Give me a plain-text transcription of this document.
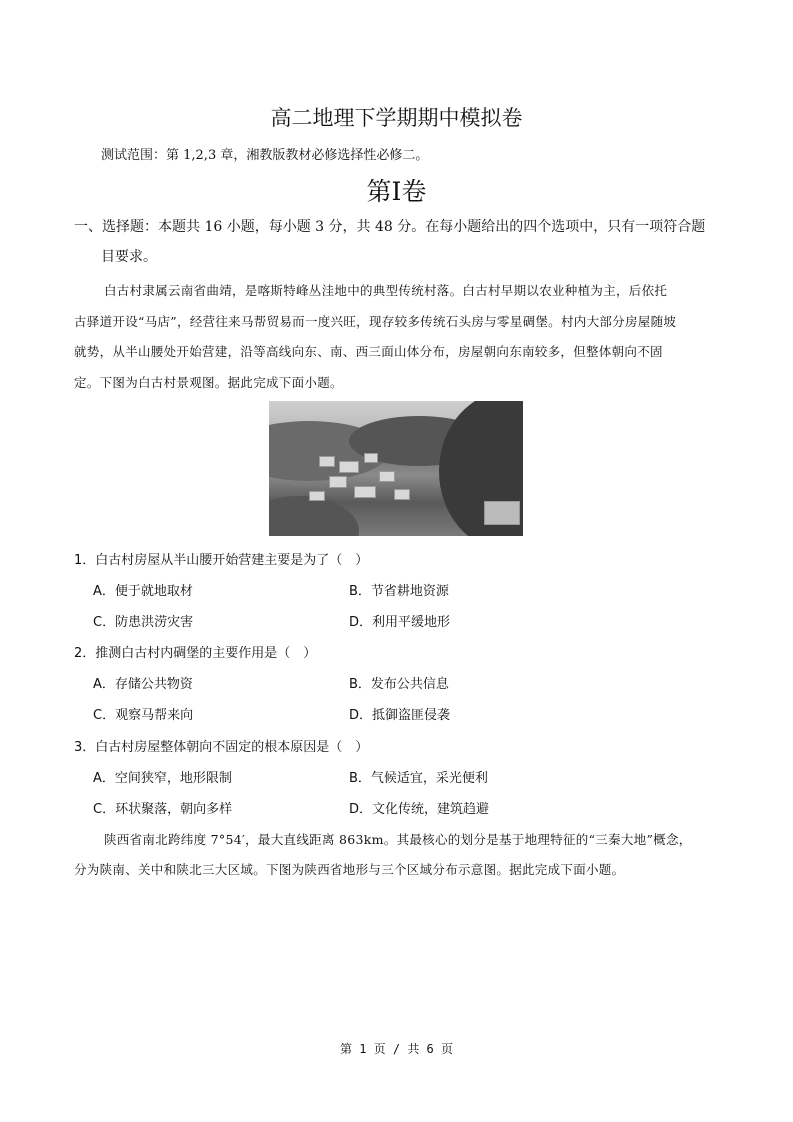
高二地理下学期期中模拟卷
测试范围：第 1,2,3 章，湘教版教材必修选择性必修二。
第I卷
一、选择题：本题共 16 小题，每小题 3 分，共 48 分。在每小题给出的四个选项中，只有一项符合题
目要求。
白古村隶属云南省曲靖，是喀斯特峰丛洼地中的典型传统村落。白古村早期以农业种植为主，后依托
古驿道开设“马店”，经营往来马帮贸易而一度兴旺，现存较多传统石头房与零星碉堡。村内大部分房屋随坡
就势，从半山腰处开始营建，沿等高线向东、南、西三面山体分布，房屋朝向东南较多，但整体朝向不固
定。下图为白古村景观图。据此完成下面小题。
1．白古村房屋从半山腰开始营建主要是为了（　）
A．便于就地取材	B．节省耕地资源
C．防患洪涝灾害	D．利用平缓地形
2．推测白古村内碉堡的主要作用是（　）
A．存储公共物资	B．发布公共信息
C．观察马帮来向	D．抵御盗匪侵袭
3．白古村房屋整体朝向不固定的根本原因是（　）
A．空间狭窄，地形限制	B．气候适宜，采光便利
C．环状聚落，朝向多样	D．文化传统，建筑趋避
陕西省南北跨纬度 7°54′，最大直线距离 863km。其最核心的划分是基于地理特征的“三秦大地”概念，
分为陕南、关中和陕北三大区域。下图为陕西省地形与三个区域分布示意图。据此完成下面小题。
第 1 页 / 共 6 页
